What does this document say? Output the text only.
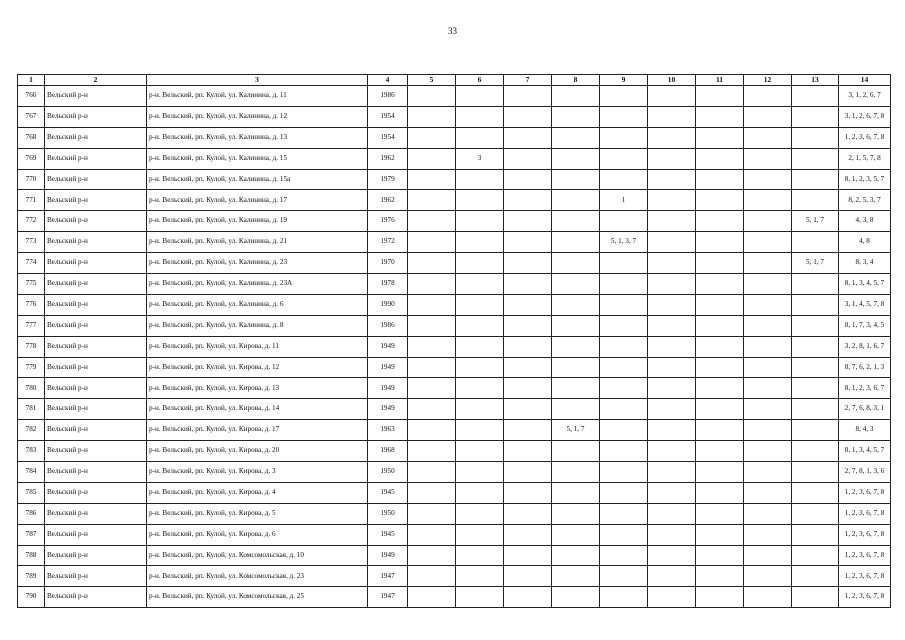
33
1	2	3	4	5	6	7	8	9	10	11	12	13	14
766	Вельский р-н	р-н. Вельский, рп. Кулой, ул. Калинина, д. 11	1986										3, 1, 2, 6, 7
767	Вельский р-н	р-н. Вельский, рп. Кулой, ул. Калинина, д. 12	1954										3, 1, 2, 6, 7, 8
768	Вельский р-н	р-н. Вельский, рп. Кулой, ул. Калинина, д. 13	1954										1, 2, 3, 6, 7, 8
769	Вельский р-н	р-н. Вельский, рп. Кулой, ул. Калинина, д. 15	1962		3								2, 1, 5, 7, 8
770	Вельский р-н	р-н. Вельский, рп. Кулой, ул. Калинина, д. 15а	1979										8, 1, 2, 3, 5, 7
771	Вельский р-н	р-н. Вельский, рп. Кулой, ул. Калинина, д. 17	1962					1					8, 2, 5, 3, 7
772	Вельский р-н	р-н. Вельский, рп. Кулой, ул. Калинина, д. 19	1976									5, 1, 7	4, 3, 8
773	Вельский р-н	р-н. Вельский, рп. Кулой, ул. Калинина, д. 21	1972					5, 1, 3, 7					4, 8
774	Вельский р-н	р-н. Вельский, рп. Кулой, ул. Калинина, д. 23	1970									5, 1, 7	8, 3, 4
775	Вельский р-н	р-н. Вельский, рп. Кулой, ул. Калинина, д. 23А	1978										8, 1, 3, 4, 5, 7
776	Вельский р-н	р-н. Вельский, рп. Кулой, ул. Калинина, д. 6	1990										3, 1, 4, 5, 7, 8
777	Вельский р-н	р-н. Вельский, рп. Кулой, ул. Калинина, д. 8	1986										8, 1, 7, 3, 4, 5
778	Вельский р-н	р-н. Вельский, рп. Кулой, ул. Кирова, д. 11	1949										3, 2, 8, 1, 6, 7
779	Вельский р-н	р-н. Вельский, рп. Кулой, ул. Кирова, д. 12	1949										8, 7, 6, 2, 1, 3
780	Вельский р-н	р-н. Вельский, рп. Кулой, ул. Кирова, д. 13	1949										8, 1, 2, 3, 6, 7
781	Вельский р-н	р-н. Вельский, рп. Кулой, ул. Кирова, д. 14	1949										2, 7, 6, 8, 3, 1
782	Вельский р-н	р-н. Вельский, рп. Кулой, ул. Кирова, д. 17	1963				5, 1, 7						8, 4, 3
783	Вельский р-н	р-н. Вельский, рп. Кулой, ул. Кирова, д. 20	1968										8, 1, 3, 4, 5, 7
784	Вельский р-н	р-н. Вельский, рп. Кулой, ул. Кирова, д. 3	1950										2, 7, 8, 1, 3, 6
785	Вельский р-н	р-н. Вельский, рп. Кулой, ул. Кирова, д. 4	1945										1, 2, 3, 6, 7, 8
786	Вельский р-н	р-н. Вельский, рп. Кулой, ул. Кирова, д. 5	1950										1, 2, 3, 6, 7, 8
787	Вельский р-н	р-н. Вельский, рп. Кулой, ул. Кирова, д. 6	1945										1, 2, 3, 6, 7, 8
788	Вельский р-н	р-н. Вельский, рп. Кулой, ул. Комсомольская, д. 10	1949										1, 2, 3, 6, 7, 8
789	Вельский р-н	р-н. Вельский, рп. Кулой, ул. Комсомольская, д. 23	1947										1, 2, 3, 6, 7, 8
790	Вельский р-н	р-н. Вельский, рп. Кулой, ул. Комсомольская, д. 25	1947										1, 2, 3, 6, 7, 8
